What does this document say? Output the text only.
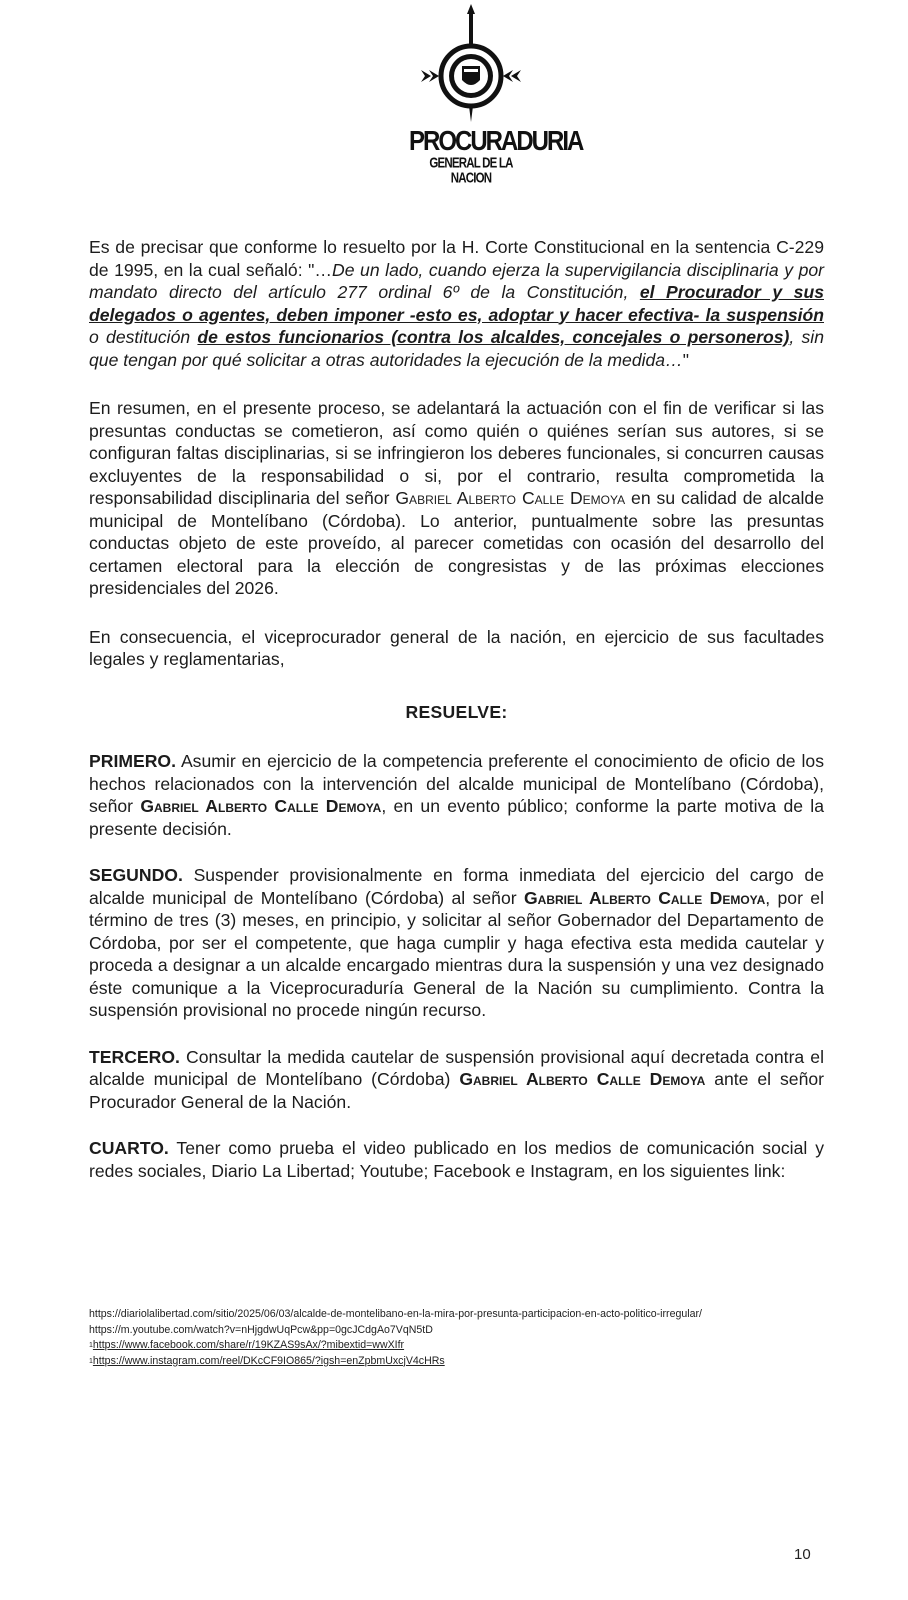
PROCURADURIA
GENERAL DE LA NACION

Es de precisar que conforme lo resuelto por la H. Corte Constitucional en la sentencia C-229 de 1995, en la cual señaló: "…De un lado, cuando ejerza la supervigilancia disciplinaria y por mandato directo del artículo 277 ordinal 6º de la Constitución, el Procurador y sus delegados o agentes, deben imponer -esto es, adoptar y hacer efectiva- la suspensión o destitución de estos funcionarios (contra los alcaldes, concejales o personeros), sin que tengan por qué solicitar a otras autoridades la ejecución de la medida…"

En resumen, en el presente proceso, se adelantará la actuación con el fin de verificar si las presuntas conductas se cometieron, así como quién o quiénes serían sus autores, si se configuran faltas disciplinarias, si se infringieron los deberes funcionales, si concurren causas excluyentes de la responsabilidad o si, por el contrario, resulta comprometida la responsabilidad disciplinaria del señor Gabriel Alberto Calle Demoya en su calidad de alcalde municipal de Montelíbano (Córdoba). Lo anterior, puntualmente sobre las presuntas conductas objeto de este proveído, al parecer cometidas con ocasión del desarrollo del certamen electoral para la elección de congresistas y de las próximas elecciones presidenciales del 2026.

En consecuencia, el viceprocurador general de la nación, en ejercicio de sus facultades legales y reglamentarias,

RESUELVE:

PRIMERO. Asumir en ejercicio de la competencia preferente el conocimiento de oficio de los hechos relacionados con la intervención del alcalde municipal de Montelíbano (Córdoba), señor Gabriel Alberto Calle Demoya, en un evento público; conforme la parte motiva de la presente decisión.

SEGUNDO. Suspender provisionalmente en forma inmediata del ejercicio del cargo de alcalde municipal de Montelíbano (Córdoba) al señor Gabriel Alberto Calle Demoya, por el término de tres (3) meses, en principio, y solicitar al señor Gobernador del Departamento de Córdoba, por ser el competente, que haga cumplir y haga efectiva esta medida cautelar y proceda a designar a un alcalde encargado mientras dura la suspensión y una vez designado éste comunique a la Viceprocuraduría General de la Nación su cumplimiento. Contra la suspensión provisional no procede ningún recurso.

TERCERO. Consultar la medida cautelar de suspensión provisional aquí decretada contra el alcalde municipal de Montelíbano (Córdoba) Gabriel Alberto Calle Demoya ante el señor Procurador General de la Nación.

CUARTO. Tener como prueba el video publicado en los medios de comunicación social y redes sociales, Diario La Libertad; Youtube; Facebook e Instagram, en los siguientes link:

https://diariolalibertad.com/sitio/2025/06/03/alcalde-de-montelibano-en-la-mira-por-presunta-participacion-en-acto-politico-irregular/
https://m.youtube.com/watch?v=nHjgdwUqPcw&pp=0gcJCdgAo7VqN5tD
$^1$https://www.facebook.com/share/r/19KZAS9sAx/?mibextid=wwXIfr
$^1$https://www.instagram.com/reel/DKcCF9IO865/?igsh=enZpbmUxcjV4cHRs
10
